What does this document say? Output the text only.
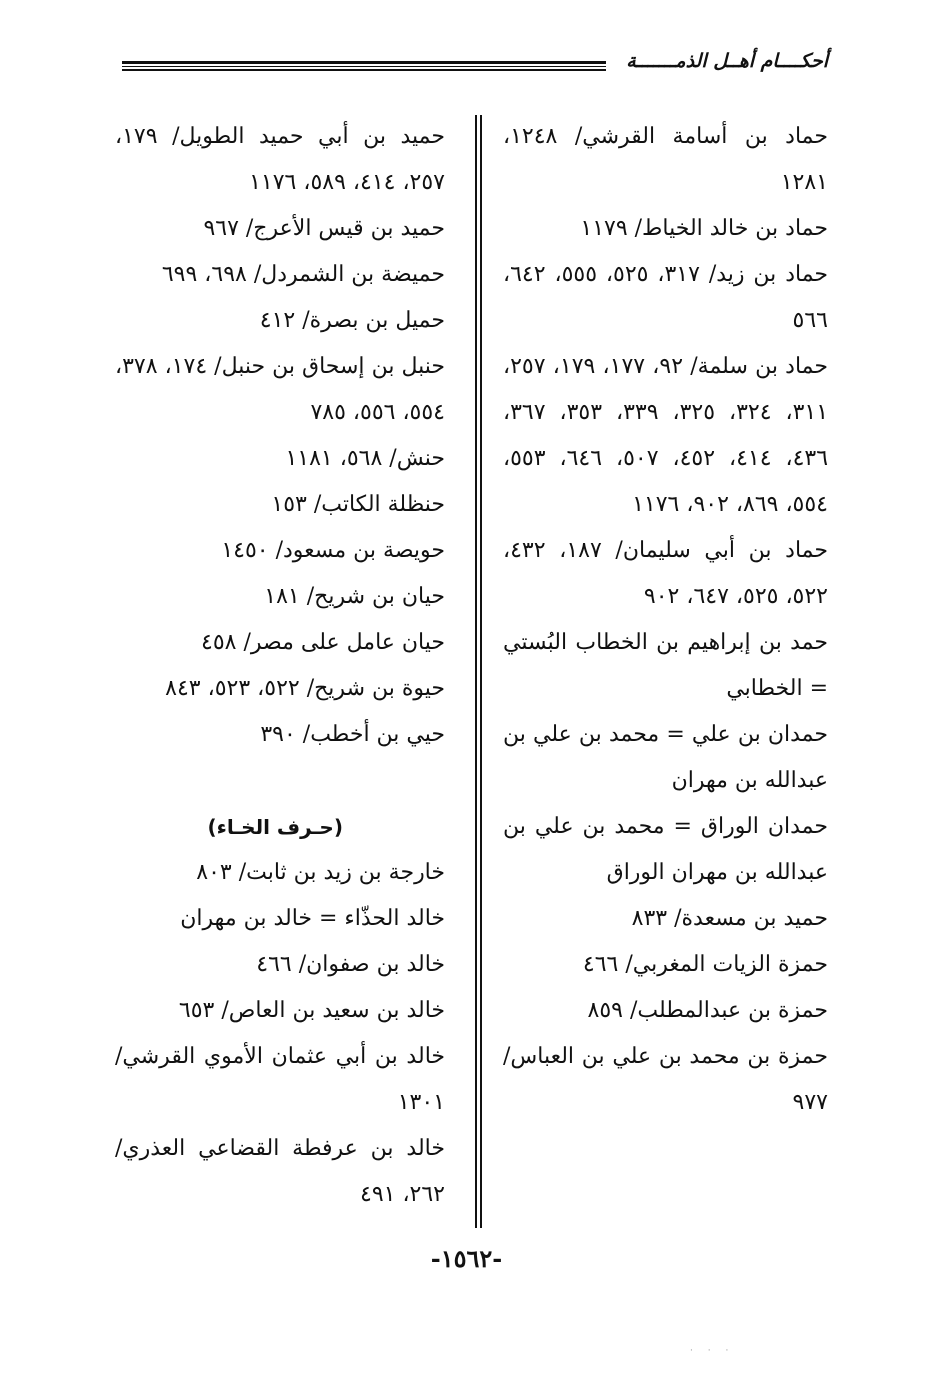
أحكــــام أهــل الذمـــــــة
حماد بن أسامة القرشي/ ١٢٤٨، ١٢٨١
حماد بن خالد الخياط/ ١١٧٩
حماد بن زيد/ ٣١٧، ٥٢٥، ٥٥٥، ٦٤٢، ٥٦٦
حماد بن سلمة/ ٩٢، ١٧٧، ١٧٩، ٢٥٧، ٣١١، ٣٢٤، ٣٢٥، ٣٣٩، ٣٥٣، ٣٦٧، ٤٣٦، ٤١٤، ٤٥٢، ٥٠٧، ٦٤٦، ٥٥٣، ٥٥٤، ٨٦٩، ٩٠٢، ١١٧٦
حماد بن أبي سليمان/ ١٨٧، ٤٣٢، ٥٢٢، ٥٢٥، ٦٤٧، ٩٠٢
حمد بن إبراهيم بن الخطاب البُستي = الخطابي
حمدان بن علي = محمد بن علي بن عبدالله بن مهران
حمدان الوراق = محمد بن علي بن عبدالله بن مهران الوراق
حميد بن مسعدة/ ٨٣٣
حمزة الزيات المغربي/ ٤٦٦
حمزة بن عبدالمطلب/ ٨٥٩
حمزة بن محمد بن علي بن العباس/ ٩٧٧
حميد بن أبي حميد الطويل/ ١٧٩، ٢٥٧، ٤١٤، ٥٨٩، ١١٧٦
حميد بن قيس الأعرج/ ٩٦٧
حميضة بن الشمردل/ ٦٩٨، ٦٩٩
حميل بن بصرة/ ٤١٢
حنبل بن إسحاق بن حنبل/ ١٧٤، ٣٧٨، ٥٥٤، ٥٥٦، ٧٨٥
حنش/ ٥٦٨، ١١٨١
حنظلة الكاتب/ ١٥٣
حويصة بن مسعود/ ١٤٥٠
حيان بن شريح/ ١٨١
حيان عامل على مصر/ ٤٥٨
حيوة بن شريح/ ٥٢٢، ٥٢٣، ٨٤٣
حيي بن أخطب/ ٣٩٠
(حـرف الخـاء)
خارجة بن زيد بن ثابت/ ٨٠٣
خالد الحذّاء = خالد بن مهران
خالد بن صفوان/ ٤٦٦
خالد بن سعيد بن العاص/ ٦٥٣
خالد بن أبي عثمان الأموي القرشي/ ١٣٠١
خالد بن عرفطة القضاعي العذري/ ٢٦٢، ٤٩١
-١٥٦٢-
· · ·
